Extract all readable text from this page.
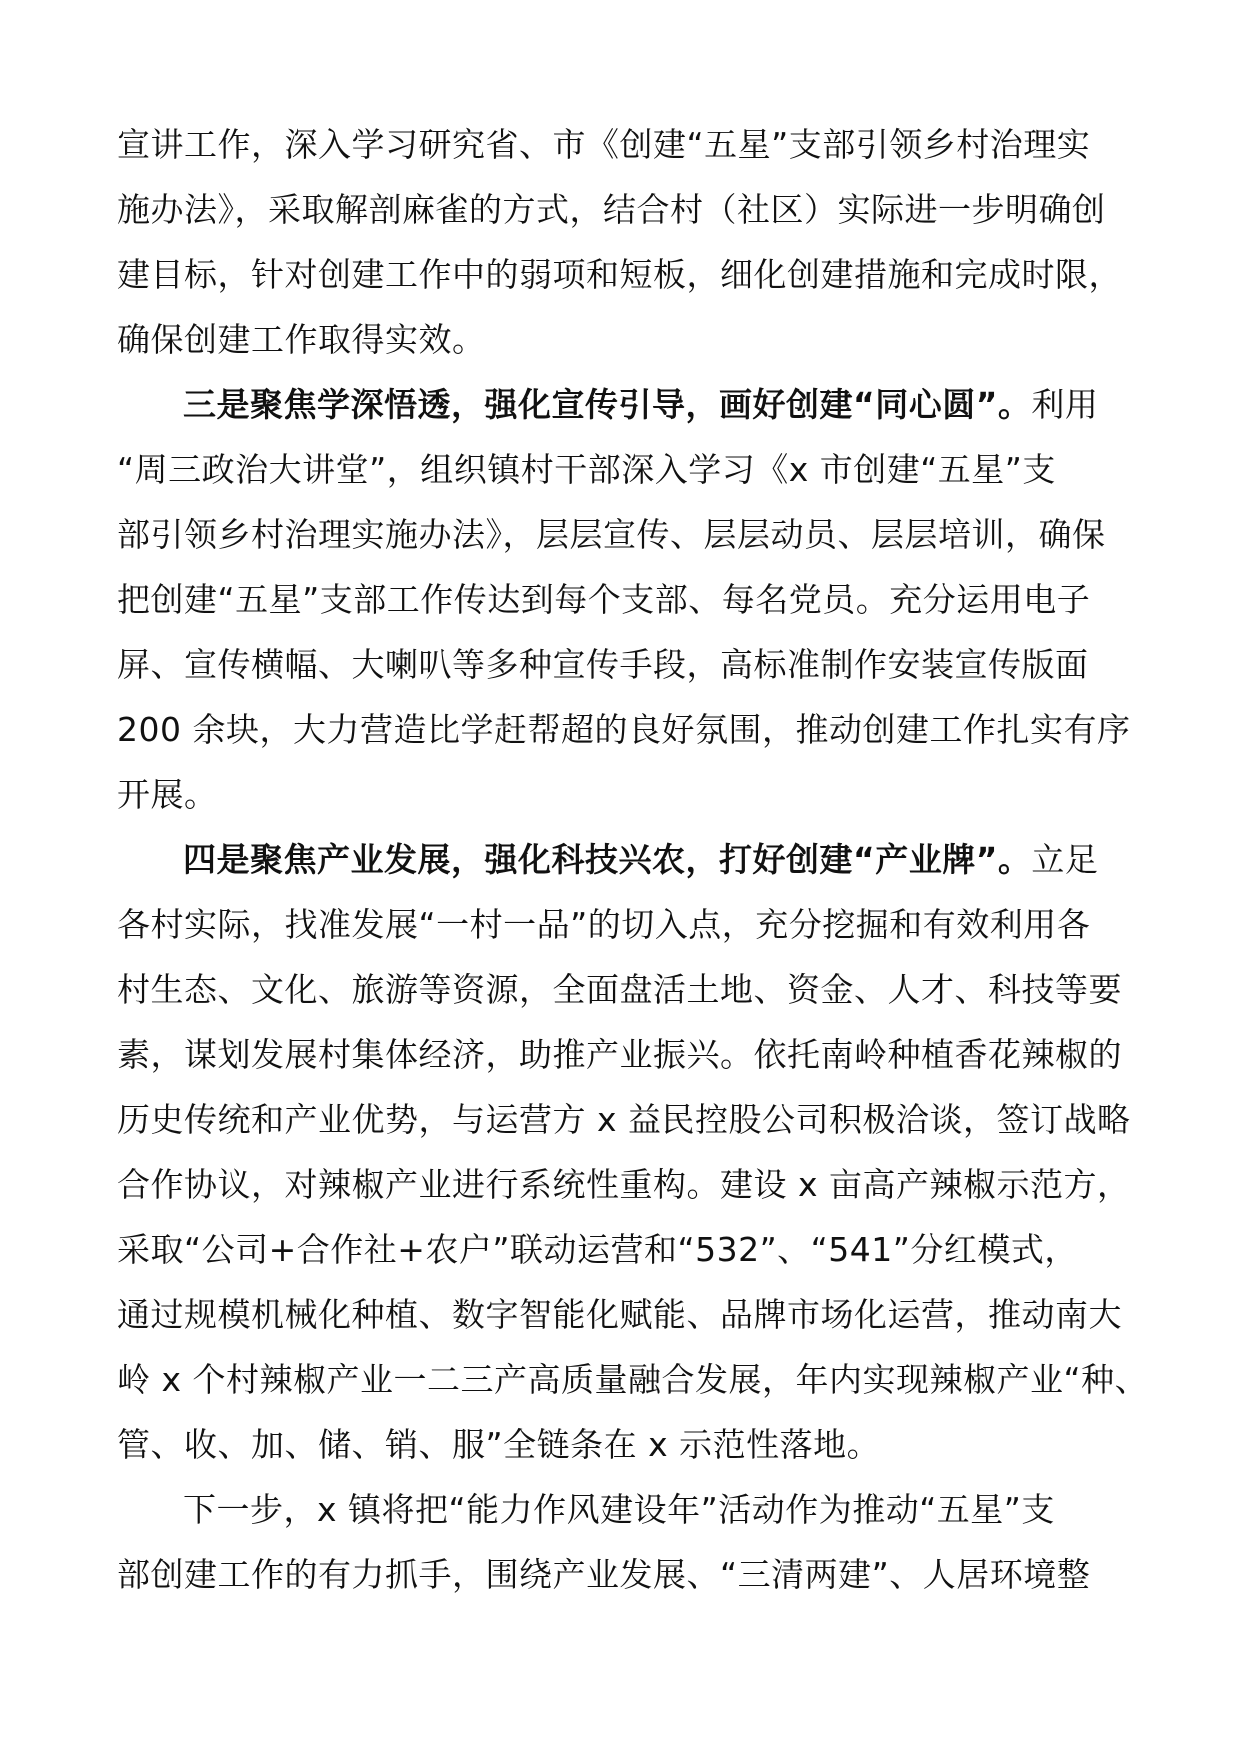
宣讲工作，深入学习研究省、市《创建“五星”支部引领乡村治理实
施办法》，采取解剖麻雀的方式，结合村（社区）实际进一步明确创
建目标，针对创建工作中的弱项和短板，细化创建措施和完成时限，
确保创建工作取得实效。
三是聚焦学深悟透，强化宣传引导，画好创建“同心圆”。利用
“周三政治大讲堂”，组织镇村干部深入学习《x 市创建“五星”支
部引领乡村治理实施办法》，层层宣传、层层动员、层层培训，确保
把创建“五星”支部工作传达到每个支部、每名党员。充分运用电子
屏、宣传横幅、大喇叭等多种宣传手段，高标准制作安装宣传版面
200 余块，大力营造比学赶帮超的良好氛围，推动创建工作扎实有序
开展。
四是聚焦产业发展，强化科技兴农，打好创建“产业牌”。立足
各村实际，找准发展“一村一品”的切入点，充分挖掘和有效利用各
村生态、文化、旅游等资源，全面盘活土地、资金、人才、科技等要
素，谋划发展村集体经济，助推产业振兴。依托南岭种植香花辣椒的
历史传统和产业优势，与运营方 x 益民控股公司积极洽谈，签订战略
合作协议，对辣椒产业进行系统性重构。建设 x 亩高产辣椒示范方，
采取“公司+合作社+农户”联动运营和“532”、“541”分红模式，
通过规模机械化种植、数字智能化赋能、品牌市场化运营，推动南大
岭 x 个村辣椒产业一二三产高质量融合发展，年内实现辣椒产业“种、
管、收、加、储、销、服”全链条在 x 示范性落地。
下一步，x 镇将把“能力作风建设年”活动作为推动“五星”支
部创建工作的有力抓手，围绕产业发展、“三清两建”、人居环境整
